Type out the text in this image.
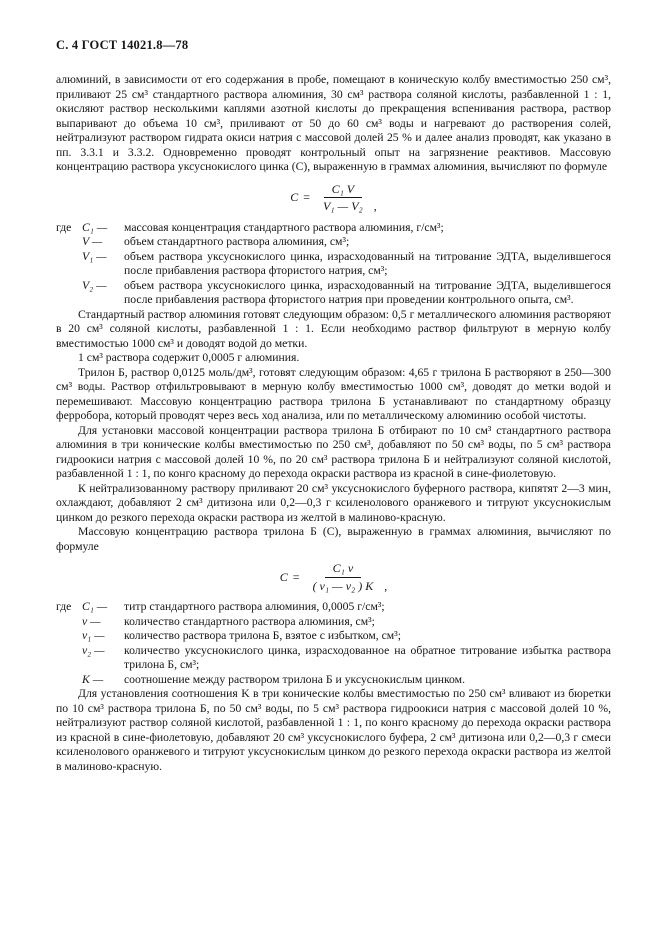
С. 4 ГОСТ 14021.8—78

алюминий, в зависимости от его содержания в пробе, помещают в коническую колбу вместимостью 250 см³, приливают 25 см³ стандартного раствора алюминия, 30 см³ раствора соляной кислоты, разбавленной 1 : 1, окисляют раствор несколькими каплями азотной кислоты до прекращения вспенивания раствора, раствор выпаривают до объема 10 см³, приливают от 50 до 60 см³ воды и нагревают до растворения солей, нейтрализуют раствором гидрата окиси натрия с массовой долей 25 % и далее анализ проводят, как указано в пп. 3.3.1 и 3.3.2. Одновременно проводят контрольный опыт на загрязнение реактивов. Массовую концентрацию раствора уксуснокислого цинка (С), выраженную в граммах алюминия, вычисляют по формуле

$C = \frac{\text{C₁ V}}{\text{V₁ — V₂}}$ ,
где C₁ —	массовая концентрация стандартного раствора алюминия, г/см³;
V —	объем стандартного раствора алюминия, см³;
V₁ —	объем раствора уксуснокислого цинка, израсходованный на титрование ЭДТА, выделившегося после прибавления раствора фтористого натрия, см³;
V₂ —	объем раствора уксуснокислого цинка, израсходованный на титрование ЭДТА, выделившегося после прибавления раствора фтористого натрия при проведении контрольного опыта, см³.

Стандартный раствор алюминия готовят следующим образом: 0,5 г металлического алюминия растворяют в 20 см³ соляной кислоты, разбавленной 1 : 1. Если необходимо раствор фильтруют в мерную колбу вместимостью 1000 см³ и доводят водой до метки.

1 см³ раствора содержит 0,0005 г алюминия.

Трилон Б, раствор 0,0125 моль/дм³, готовят следующим образом: 4,65 г трилона Б растворяют в 250—300 см³ воды. Раствор отфильтровывают в мерную колбу вместимостью 1000 см³, доводят до метки водой и перемешивают. Массовую концентрацию раствора трилона Б устанавливают по стандартному образцу ферробора, который проводят через весь ход анализа, или по металлическому алюминию особой чистоты.

Для установки массовой концентрации раствора трилона Б отбирают по 10 см³ стандартного раствора алюминия в три конические колбы вместимостью по 250 см³, добавляют по 50 см³ воды, по 5 см³ раствора гидроокиси натрия с массовой долей 10 %, по 20 см³ раствора трилона Б и нейтрализуют соляной кислотой, разбавленной 1 : 1, по конго красному до перехода окраски раствора из красной в сине-фиолетовую.

К нейтрализованному раствору приливают 20 см³ уксуснокислого буферного раствора, кипятят 2—3 мин, охлаждают, добавляют 2 см³ дитизона или 0,2—0,3 г ксиленолового оранжевого и титруют уксуснокислым цинком до резкого перехода окраски раствора из желтой в малиново-красную.

Массовую концентрацию раствора трилона Б (С), выраженную в граммах алюминия, вычисляют по формуле

$C = \frac{\text{C₁ v}}{\text{( v₁ — v₂ ) K}}$ ,
где C₁ —	титр стандартного раствора алюминия, 0,0005 г/см³;
v —	количество стандартного раствора алюминия, см³;
v₁ —	количество раствора трилона Б, взятое с избытком, см³;
v₂ —	количество уксуснокислого цинка, израсходованное на обратное титрование избытка раствора трилона Б, см³;
K —	соотношение между раствором трилона Б и уксуснокислым цинком.

Для установления соотношения K в три конические колбы вместимостью по 250 см³ вливают из бюретки по 10 см³ раствора трилона Б, по 50 см³ воды, по 5 см³ раствора гидроокиси натрия с массовой долей 10 %, нейтрализуют раствор соляной кислотой, разбавленной 1 : 1, по конго красному до перехода окраски раствора из красной в сине-фиолетовую, добавляют 20 см³ уксуснокислого буфера, 2 см³ дитизона или 0,2—0,3 г смеси ксиленолового оранжевого и титруют уксуснокислым цинком до резкого перехода окраски раствора из желтой в малиново-красную.
